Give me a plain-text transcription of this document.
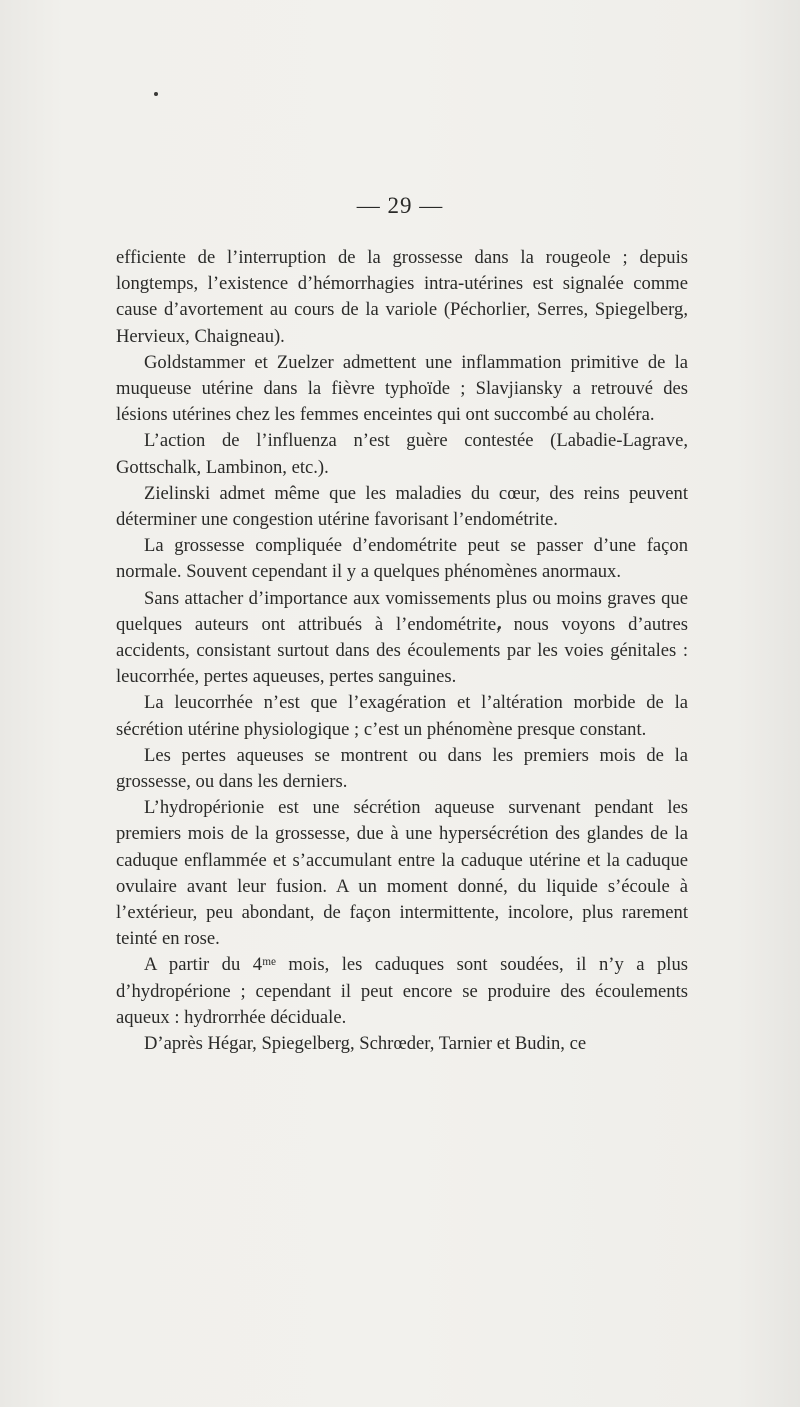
— 29 —

efficiente de l’interruption de la grossesse dans la rougeole ; depuis longtemps, l’existence d’hémorrhagies intra-utérines est signalée comme cause d’avortement au cours de la variole (Péchorlier, Serres, Spiegelberg, Hervieux, Chaigneau).

Goldstammer et Zuelzer admettent une inflammation primitive de la muqueuse utérine dans la fièvre typhoïde ; Slavjiansky a retrouvé des lésions utérines chez les femmes enceintes qui ont succombé au choléra.

L’action de l’influenza n’est guère contestée (Labadie-Lagrave, Gottschalk, Lambinon, etc.).

Zielinski admet même que les maladies du cœur, des reins peuvent déterminer une congestion utérine favorisant l’endométrite.

La grossesse compliquée d’endométrite peut se passer d’une façon normale. Souvent cependant il y a quelques phénomènes anormaux.

Sans attacher d’importance aux vomissements plus ou moins graves que quelques auteurs ont attribués à l’endométrite, nous voyons d’autres accidents, consistant surtout dans des écoulements par les voies génitales : leucorrhée, pertes aqueuses, pertes sanguines.

La leucorrhée n’est que l’exagération et l’altération morbide de la sécrétion utérine physiologique ; c’est un phénomène presque constant.

Les pertes aqueuses se montrent ou dans les premiers mois de la grossesse, ou dans les derniers.

L’hydropérionie est une sécrétion aqueuse survenant pendant les premiers mois de la grossesse, due à une hypersécrétion des glandes de la caduque enflammée et s’accumulant entre la caduque utérine et la caduque ovulaire avant leur fusion. A un moment donné, du liquide s’écoule à l’extérieur, peu abondant, de façon intermittente, incolore, plus rarement teinté en rose.

A partir du 4ᵐᵉ mois, les caduques sont soudées, il n’y a plus d’hydropérione ; cependant il peut encore se produire des écoulements aqueux : hydrorrhée déciduale.

D’après Hégar, Spiegelberg, Schrœder, Tarnier et Budin, ce
